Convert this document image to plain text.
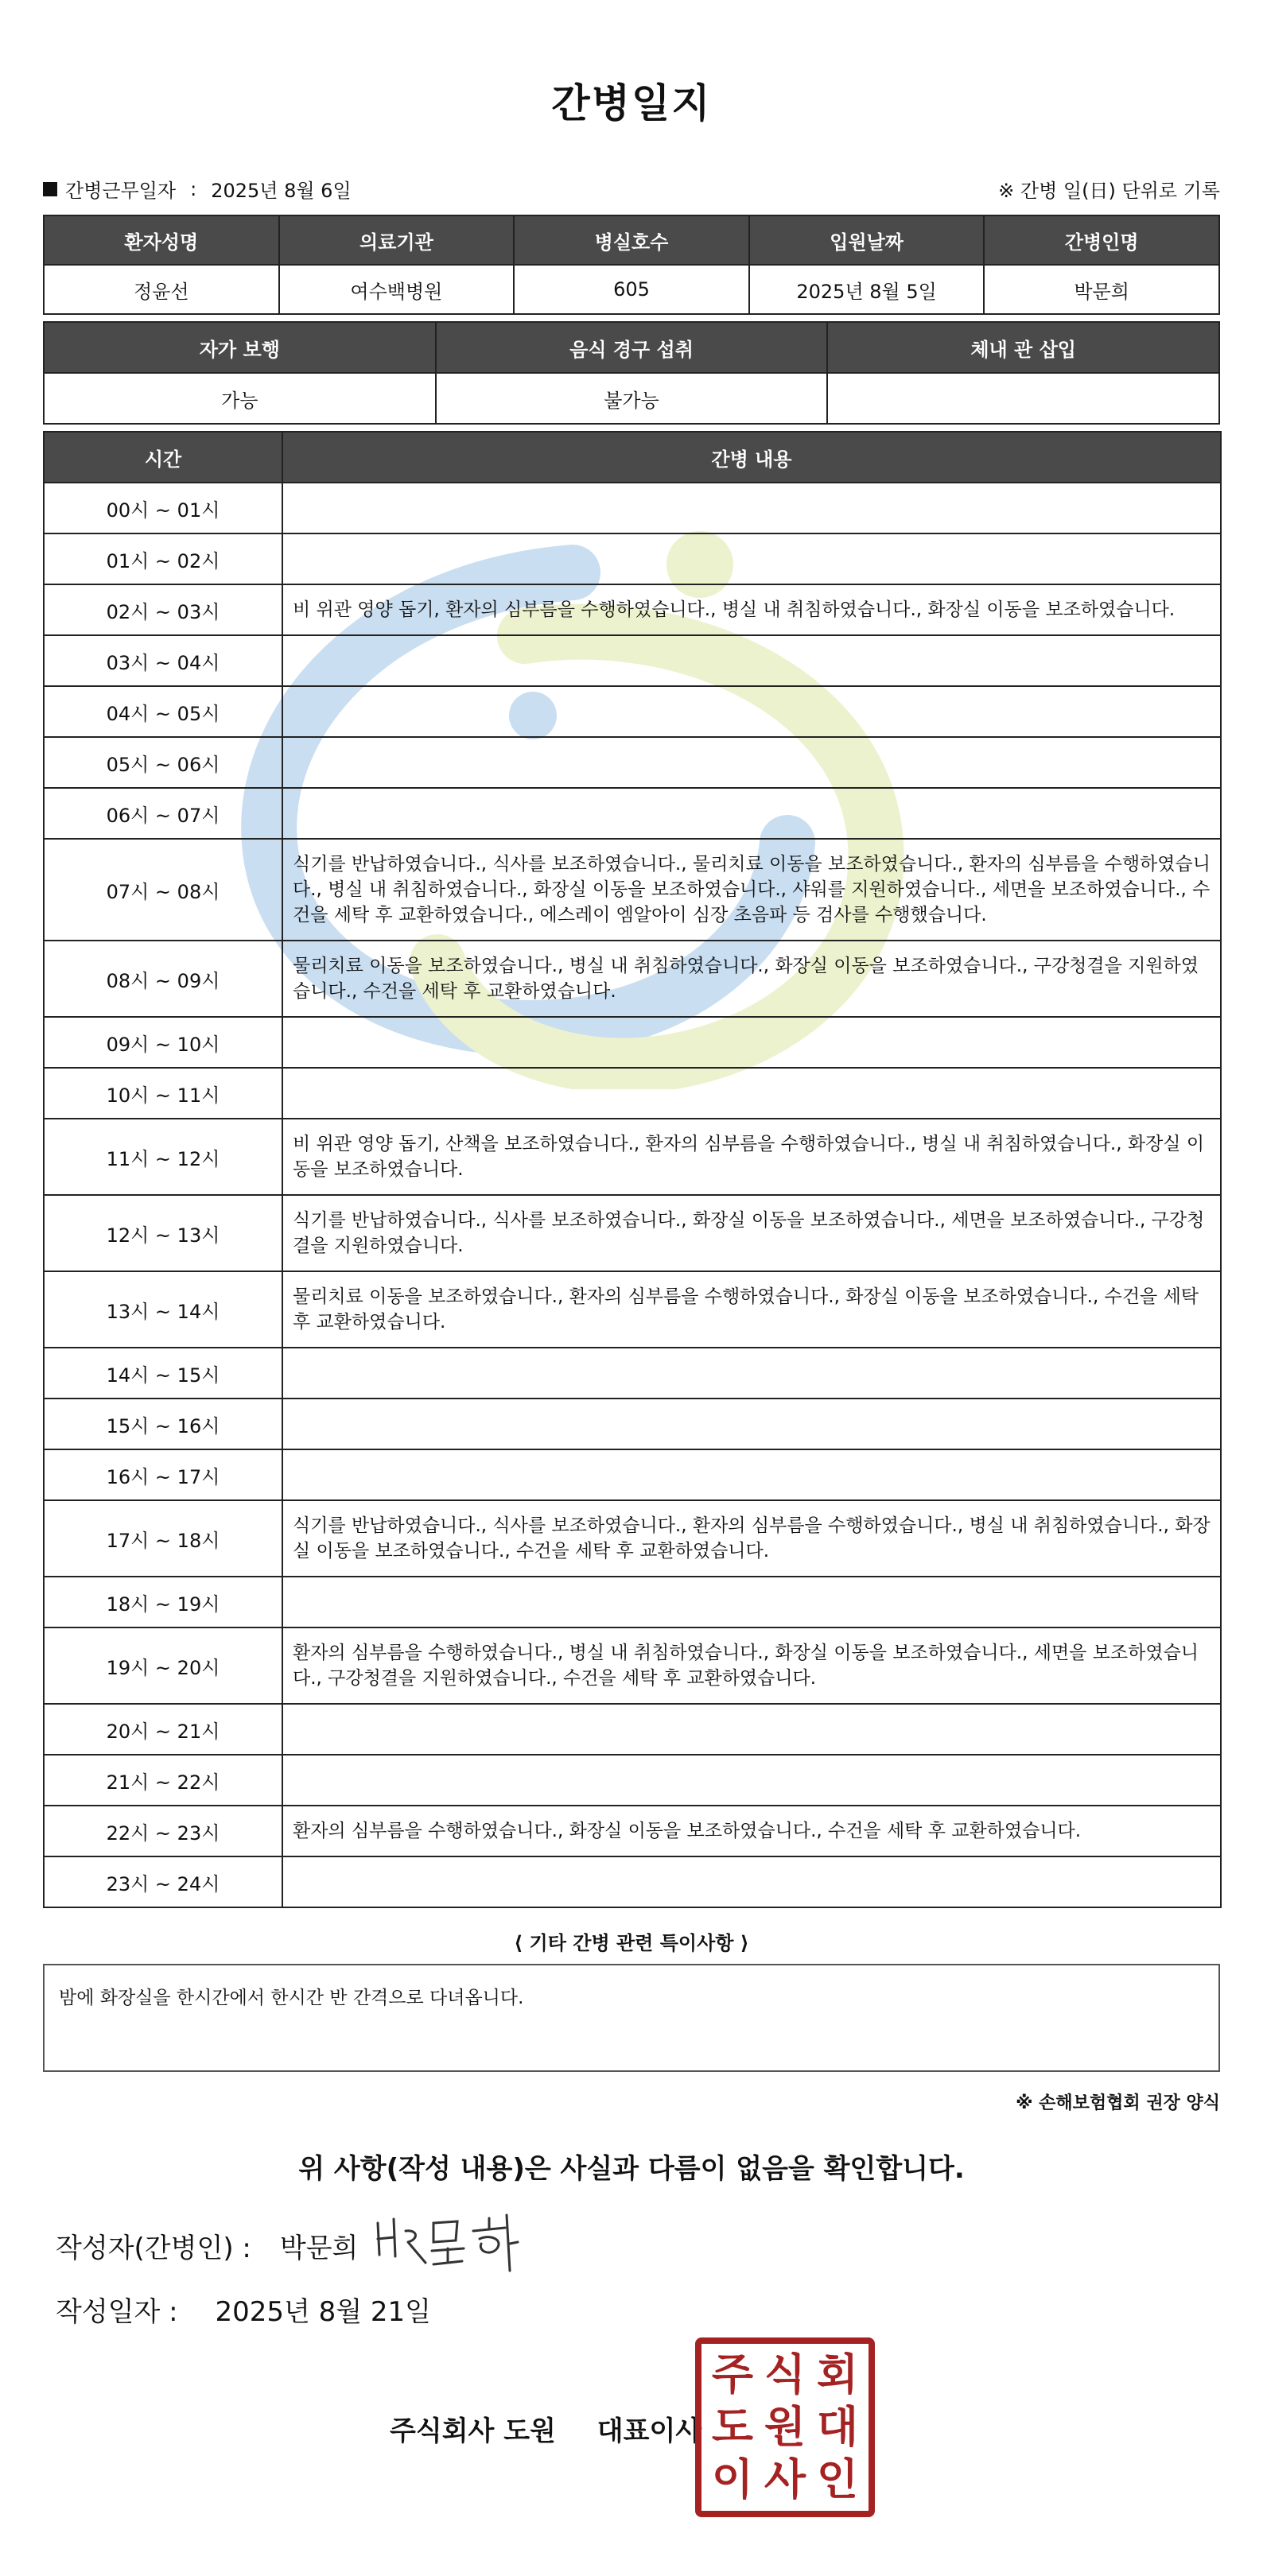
간병일지
간병근무일자 : 2025년 8월 6일	※ 간병 일(日) 단위로 기록
환자성명	의료기관	병실호수	입원날짜	간병인명
정윤선	여수백병원	605	2025년 8월 5일	박문희
자가 보행	음식 경구 섭취	체내 관 삽입
가능	불가능	
시간	간병 내용
00시 ~ 01시	
01시 ~ 02시	
02시 ~ 03시	비 위관 영양 돕기, 환자의 심부름을 수행하였습니다., 병실 내 취침하였습니다., 화장실 이동을 보조하였습니다.
03시 ~ 04시	
04시 ~ 05시	
05시 ~ 06시	
06시 ~ 07시	
07시 ~ 08시	식기를 반납하였습니다., 식사를 보조하였습니다., 물리치료 이동을 보조하였습니다., 환자의 심부름을 수행하였습니다., 병실 내 취침하였습니다., 화장실 이동을 보조하였습니다., 샤워를 지원하였습니다., 세면을 보조하였습니다., 수건을 세탁 후 교환하였습니다., 에스레이 엠알아이 심장 초음파 등 검사를 수행했습니다.
08시 ~ 09시	물리치료 이동을 보조하였습니다., 병실 내 취침하였습니다., 화장실 이동을 보조하였습니다., 구강청결을 지원하였습니다., 수건을 세탁 후 교환하였습니다.
09시 ~ 10시	
10시 ~ 11시	
11시 ~ 12시	비 위관 영양 돕기, 산책을 보조하였습니다., 환자의 심부름을 수행하였습니다., 병실 내 취침하였습니다., 화장실 이동을 보조하였습니다.
12시 ~ 13시	식기를 반납하였습니다., 식사를 보조하였습니다., 화장실 이동을 보조하였습니다., 세면을 보조하였습니다., 구강청결을 지원하였습니다.
13시 ~ 14시	물리치료 이동을 보조하였습니다., 환자의 심부름을 수행하였습니다., 화장실 이동을 보조하였습니다., 수건을 세탁 후 교환하였습니다.
14시 ~ 15시	
15시 ~ 16시	
16시 ~ 17시	
17시 ~ 18시	식기를 반납하였습니다., 식사를 보조하였습니다., 환자의 심부름을 수행하였습니다., 병실 내 취침하였습니다., 화장실 이동을 보조하였습니다., 수건을 세탁 후 교환하였습니다.
18시 ~ 19시	
19시 ~ 20시	환자의 심부름을 수행하였습니다., 병실 내 취침하였습니다., 화장실 이동을 보조하였습니다., 세면을 보조하였습니다., 구강청결을 지원하였습니다., 수건을 세탁 후 교환하였습니다.
20시 ~ 21시	
21시 ~ 22시	
22시 ~ 23시	환자의 심부름을 수행하였습니다., 화장실 이동을 보조하였습니다., 수건을 세탁 후 교환하였습니다.
23시 ~ 24시	
⟨ 기타 간병 관련 특이사항 ⟩
밤에 화장실을 한시간에서 한시간 반 간격으로 다녀옵니다.
※ 손해보험협회 권장 양식
위 사항(작성 내용)은 사실과 다름이 없음을 확인합니다.
작성자(간병인) : 박문희
작성일자 : 2025년 8월 21일
주식회사 도원 대표이사
주 식 회
도 원 대
이 사 인
